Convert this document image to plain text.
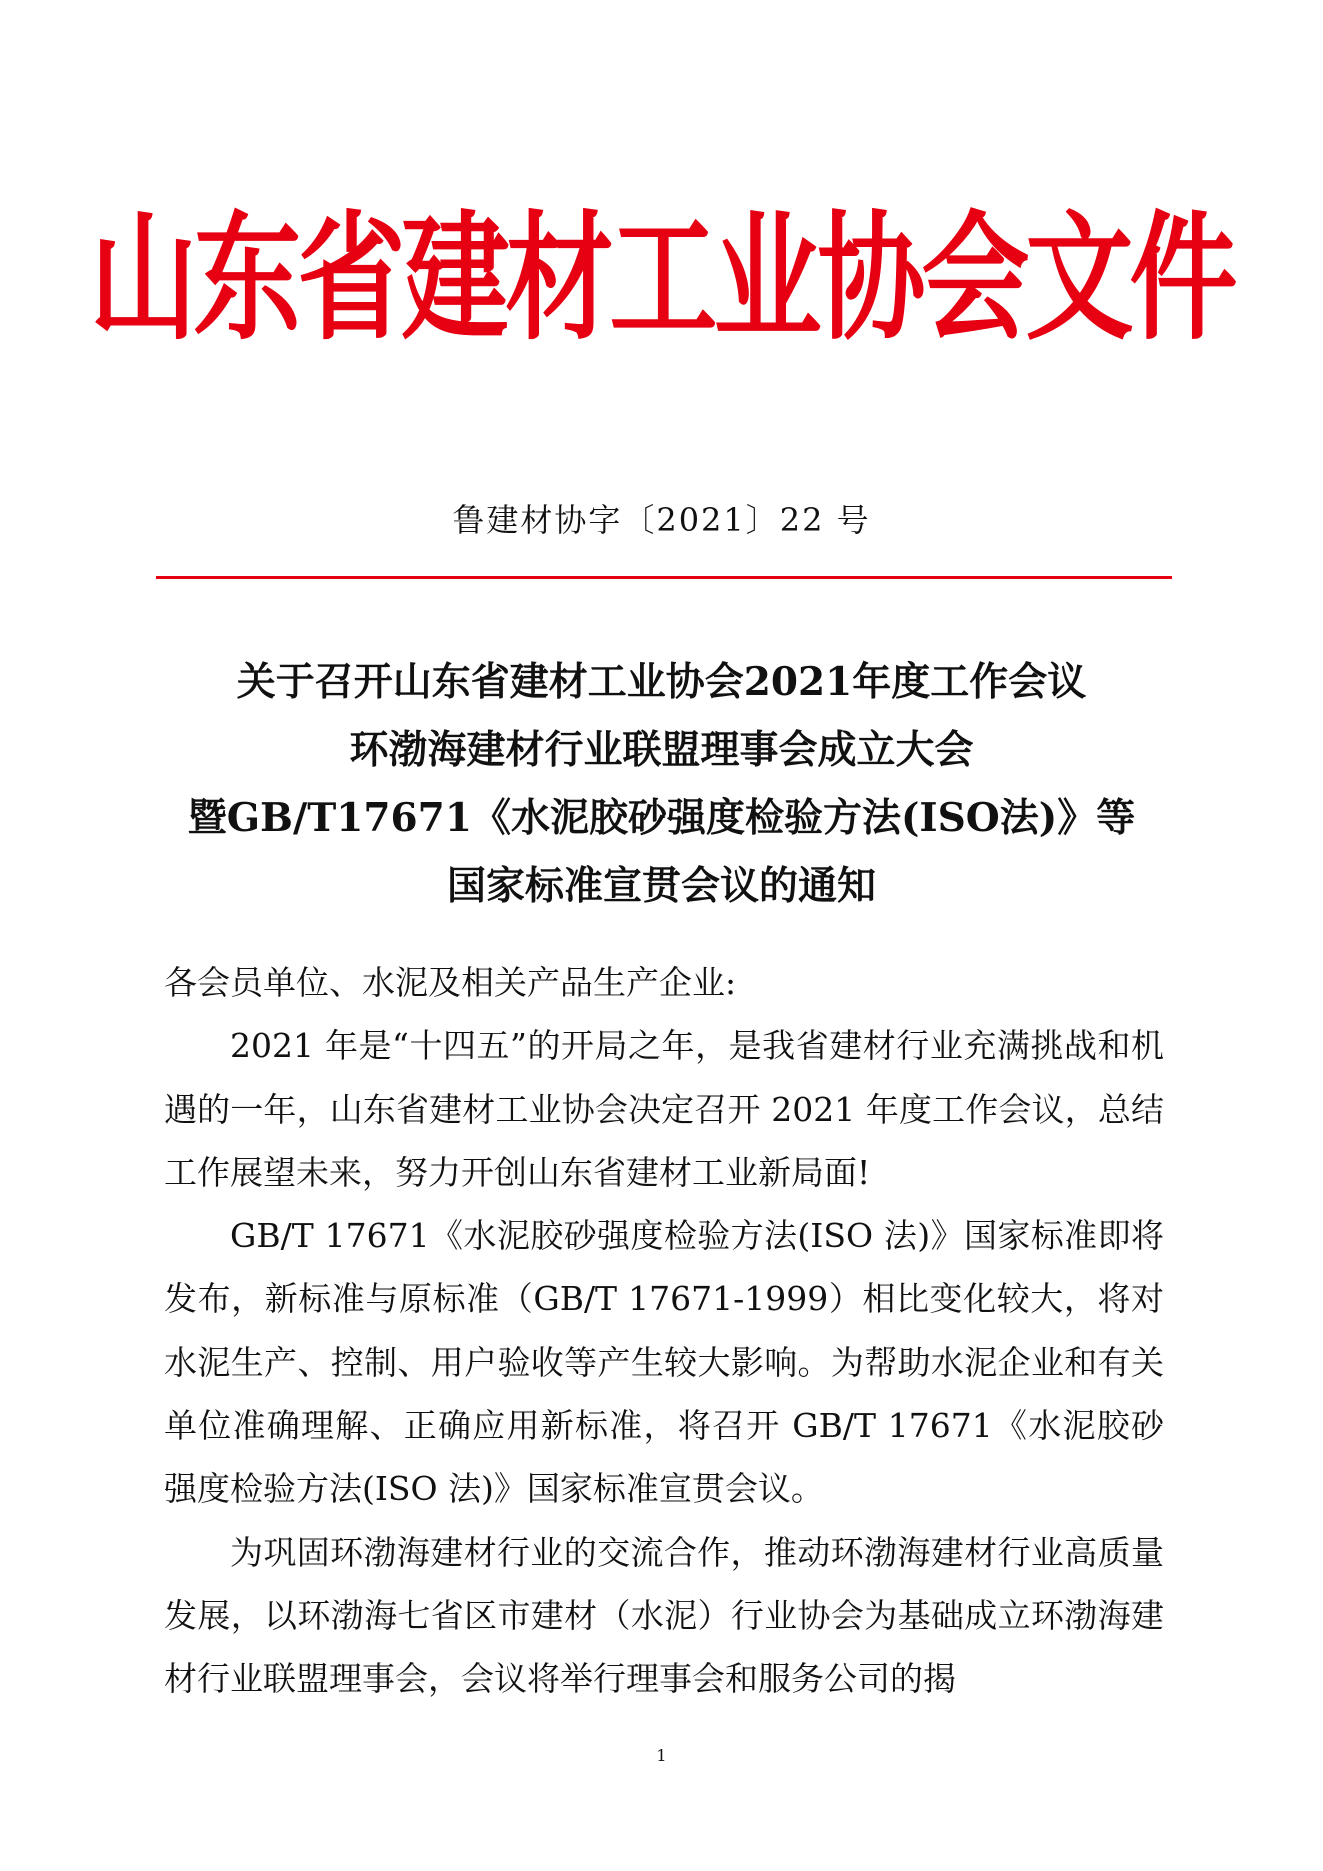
山东省建材工业协会文件
鲁建材协字〔2021〕22 号
关于召开山东省建材工业协会2021年度工作会议
环渤海建材行业联盟理事会成立大会
暨GB/T17671《水泥胶砂强度检验方法(ISO法)》等
国家标准宣贯会议的通知

各会员单位、水泥及相关产品生产企业:

2021 年是“十四五”的开局之年，是我省建材行业充满挑战和机遇的一年，山东省建材工业协会决定召开 2021 年度工作会议，总结工作展望未来，努力开创山东省建材工业新局面!

GB/T 17671《水泥胶砂强度检验方法(ISO 法)》国家标准即将发布，新标准与原标准（GB/T 17671-1999）相比变化较大，将对水泥生产、控制、用户验收等产生较大影响。为帮助水泥企业和有关单位准确理解、正确应用新标准，将召开 GB/T 17671《水泥胶砂强度检验方法(ISO 法)》国家标准宣贯会议。

为巩固环渤海建材行业的交流合作，推动环渤海建材行业高质量发展，以环渤海七省区市建材（水泥）行业协会为基础成立环渤海建材行业联盟理事会，会议将举行理事会和服务公司的揭

1
